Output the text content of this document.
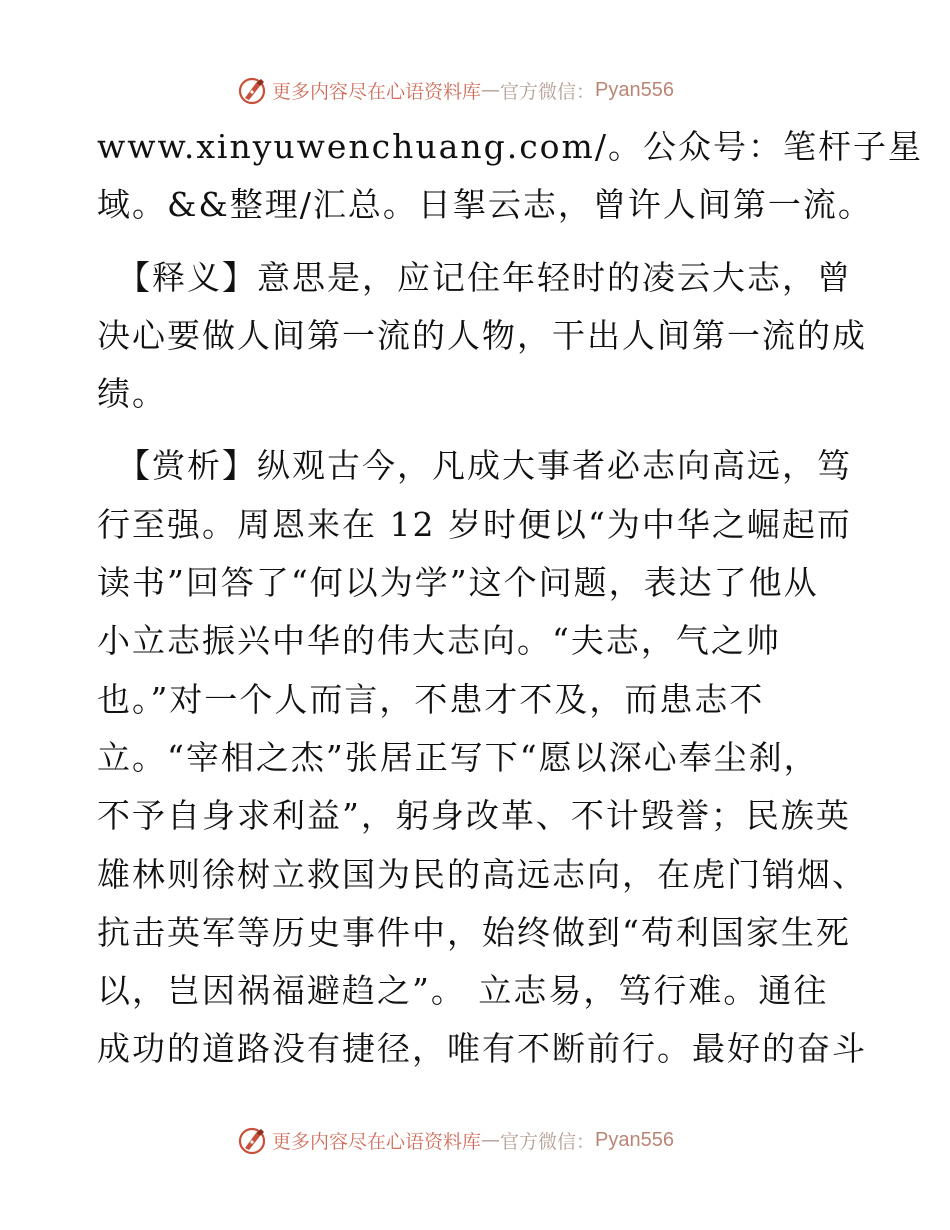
更多内容尽在心语资料库 — 官方微信： Pyan556
www.xinyuwenchuang.com/。公众号：笔杆子星
域。&&整理/汇总。日挐云志，曾许人间第一流。
【释义】意思是，应记住年轻时的凌云大志，曾
决心要做人间第一流的人物，干出人间第一流的成
绩。
【赏析】纵观古今，凡成大事者必志向高远，笃
行至强。周恩来在 12 岁时便以“为中华之崛起而
读书”回答了“何以为学”这个问题，表达了他从
小立志振兴中华的伟大志向。“夫志，气之帅
也。”对一个人而言，不患才不及，而患志不
立。“宰相之杰”张居正写下“愿以深心奉尘刹，
不予自身求利益”，躬身改革、不计毁誉；民族英
雄林则徐树立救国为民的高远志向，在虎门销烟、
抗击英军等历史事件中，始终做到“苟利国家生死
以，岂因祸福避趋之”。 立志易，笃行难。通往
成功的道路没有捷径，唯有不断前行。最好的奋斗
更多内容尽在心语资料库 — 官方微信： Pyan556
